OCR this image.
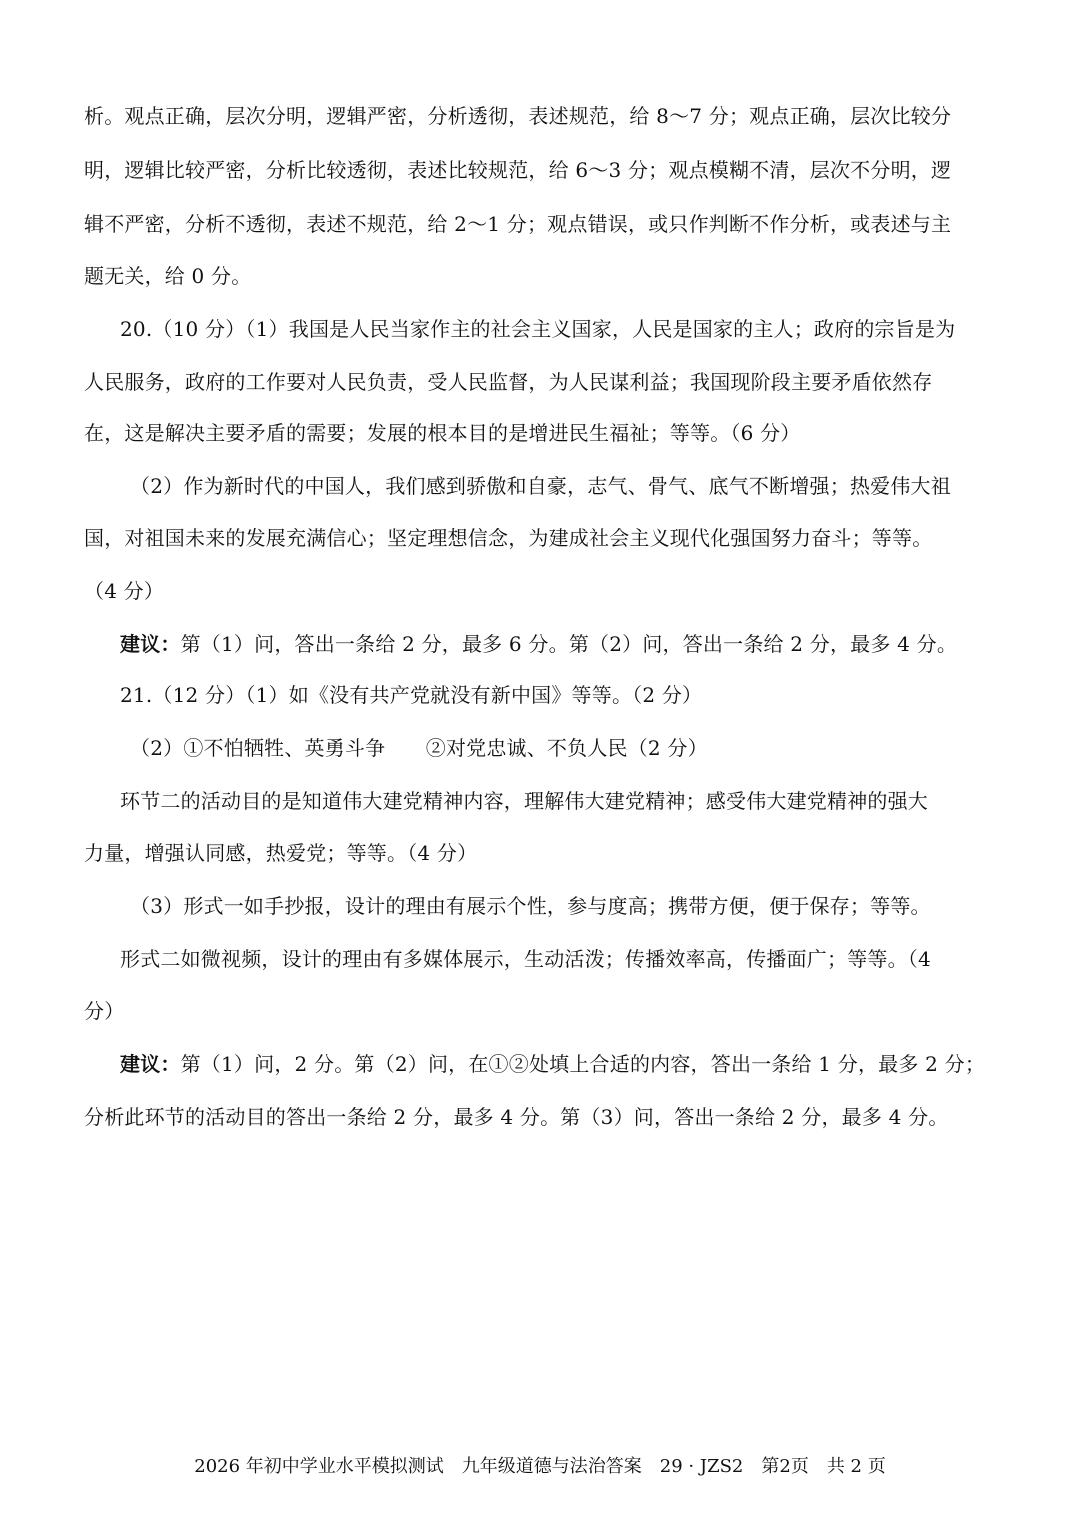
析。观点正确，层次分明，逻辑严密，分析透彻，表述规范，给 8～7 分；观点正确，层次比较分
明，逻辑比较严密，分析比较透彻，表述比较规范，给 6～3 分；观点模糊不清，层次不分明，逻
辑不严密，分析不透彻，表述不规范，给 2～1 分；观点错误，或只作判断不作分析，或表述与主
题无关，给 0 分。
20.（10 分）（1）我国是人民当家作主的社会主义国家，人民是国家的主人；政府的宗旨是为
人民服务，政府的工作要对人民负责，受人民监督，为人民谋利益；我国现阶段主要矛盾依然存
在，这是解决主要矛盾的需要；发展的根本目的是增进民生福祉；等等。（6 分）
（2）作为新时代的中国人，我们感到骄傲和自豪，志气、骨气、底气不断增强；热爱伟大祖
国，对祖国未来的发展充满信心；坚定理想信念，为建成社会主义现代化强国努力奋斗；等等。
（4 分）
建议：第（1）问，答出一条给 2 分，最多 6 分。第（2）问，答出一条给 2 分，最多 4 分。
21.（12 分）（1）如《没有共产党就没有新中国》等等。（2 分）
（2）①不怕牺牲、英勇斗争　　②对党忠诚、不负人民（2 分）
环节二的活动目的是知道伟大建党精神内容，理解伟大建党精神；感受伟大建党精神的强大
力量，增强认同感，热爱党；等等。（4 分）
（3）形式一如手抄报，设计的理由有展示个性，参与度高；携带方便，便于保存；等等。
形式二如微视频，设计的理由有多媒体展示，生动活泼；传播效率高，传播面广；等等。（4
分）
建议：第（1）问，2 分。第（2）问，在①②处填上合适的内容，答出一条给 1 分，最多 2 分；
分析此环节的活动目的答出一条给 2 分，最多 4 分。第（3）问，答出一条给 2 分，最多 4 分。
2026 年初中学业水平模拟测试　九年级道德与法治答案　29 · JZS2　第2页　共 2 页
